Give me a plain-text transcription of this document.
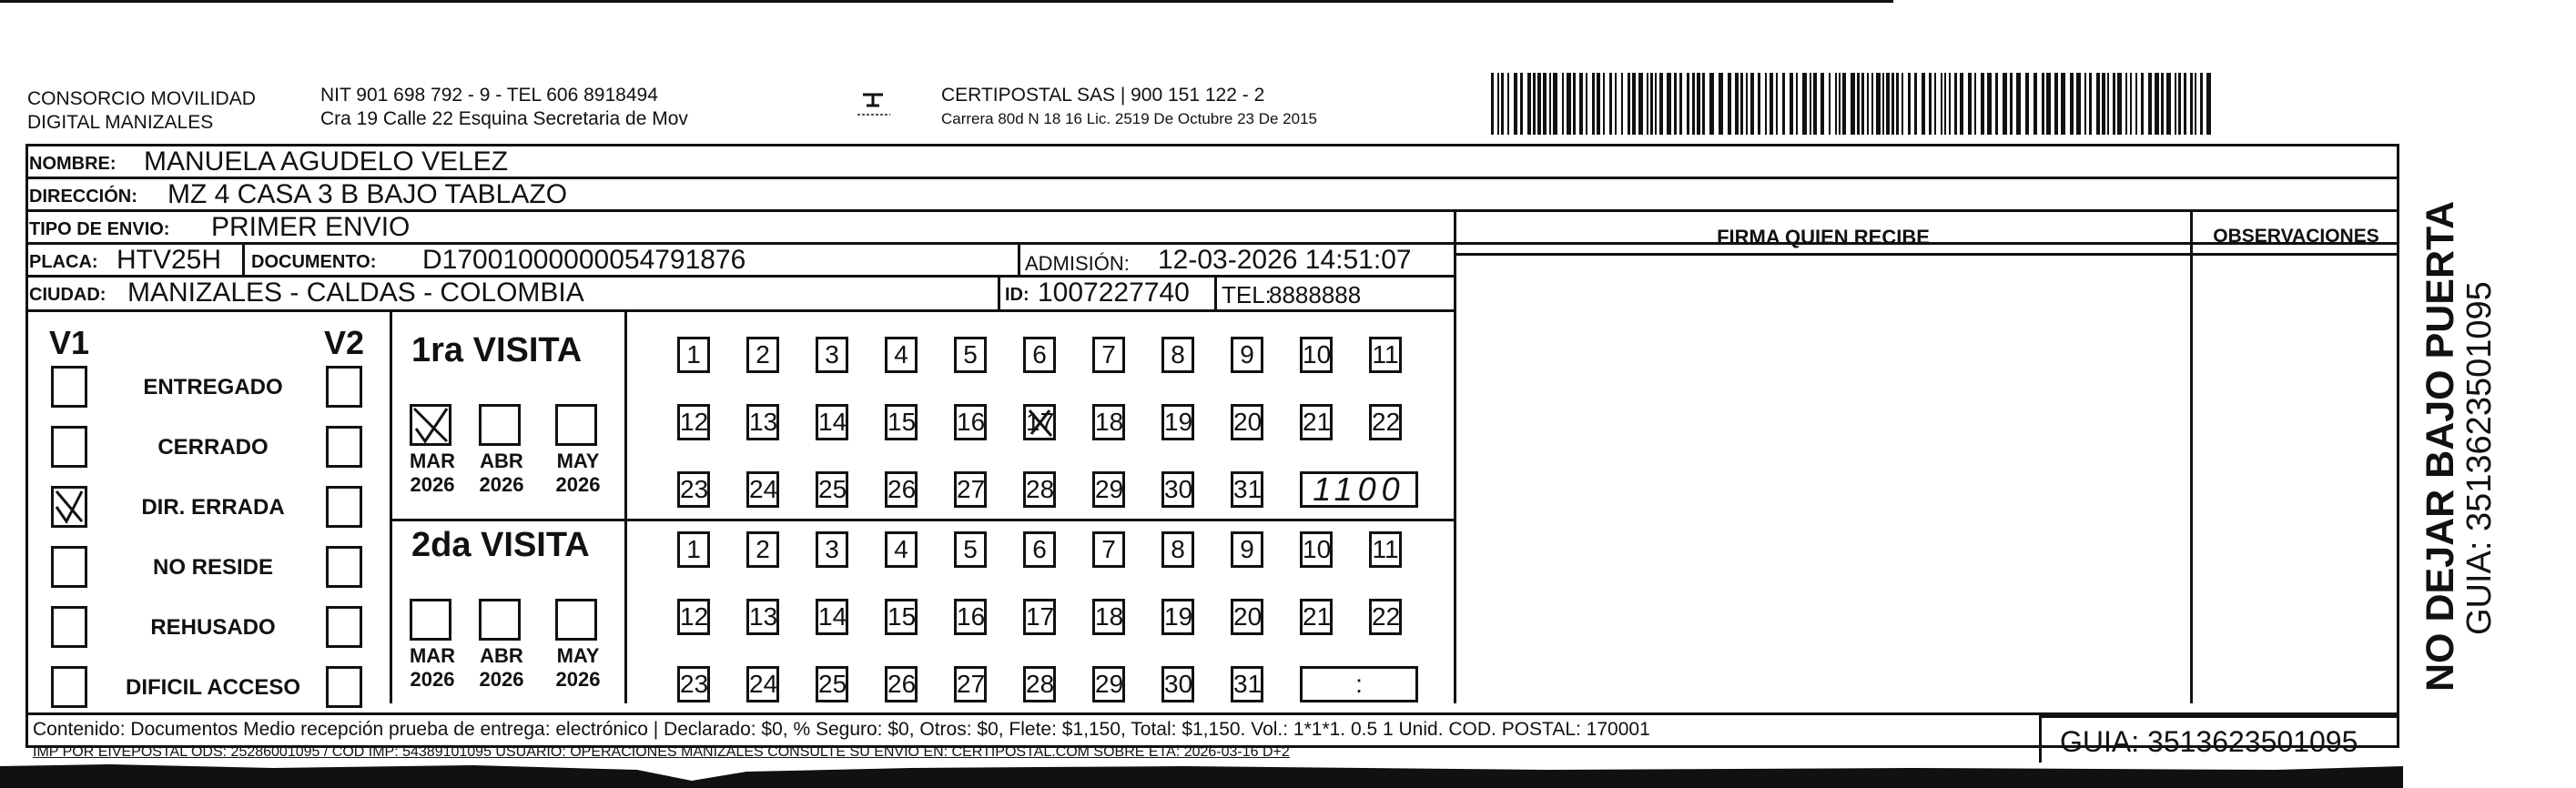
CONSORCIO MOVILIDAD
DIGITAL MANIZALES
NIT 901 698 792 - 9 - TEL 606 8918494
Cra 19 Calle 22 Esquina Secretaria de Mov
CERTIPOSTAL SAS | 900 151 122 - 2
Carrera 80d N 18 16 Lic. 2519 De Octubre 23 De 2015
NOMBRE: MANUELA AGUDELO VELEZ
DIRECCIÓN: MZ 4 CASA 3 B BAJO TABLAZO
TIPO DE ENVIO: PRIMER ENVIO
PLACA: HTV25H DOCUMENTO: D17001000000054791876	ADMISIÓN: 12-03-2026 14:51:07
CIUDAD: MANIZALES - CALDAS - COLOMBIA	ID: 1007227740 TEL:
8888888
FIRMA QUIEN RECIBE	OBSERVACIONES
V1	V2
ENTREGADO
CERRADO
DIR. ERRADA
NO RESIDE
REHUSADO
DIFICIL ACCESO
1ra VISITA
2da VISITA
MAR
2026
ABR
2026
MAY
2026
1	2	3	4	5	6	7	8	9	10 11
12 13 14 15 16 17 18 19 20 21 22
23 24 25 26 27 28 29 30 31	1100
MAR
2026
ABR
2026
MAY
2026
1	2	3	4	5	6	7	8	9	10 11
12 13 14 15 16 17 18 19 20 21 22
23 24 25 26 27 28 29 30 31	:
Contenido: Documentos Medio recepción prueba de entrega: electrónico | Declarado: $0, % Seguro: $0, Otros: $0, Flete: $1,150, Total: $1,150. Vol.: 1*1*1. 0.5 1 Unid. COD. POSTAL: 170001
IMP POR EIVEPOSTAL ODS: 25286001095 / COD IMP: 54389101095 USUARIO: OPERACIONES MANIZALES CONSULTE SU ENVIO EN: CERTIPOSTAL.COM SOBRE ETA: 2026-03-16 D+2	GUIA: 3513623501095
NO DEJAR BAJO PUERTA
GUIA: 3513623501095
